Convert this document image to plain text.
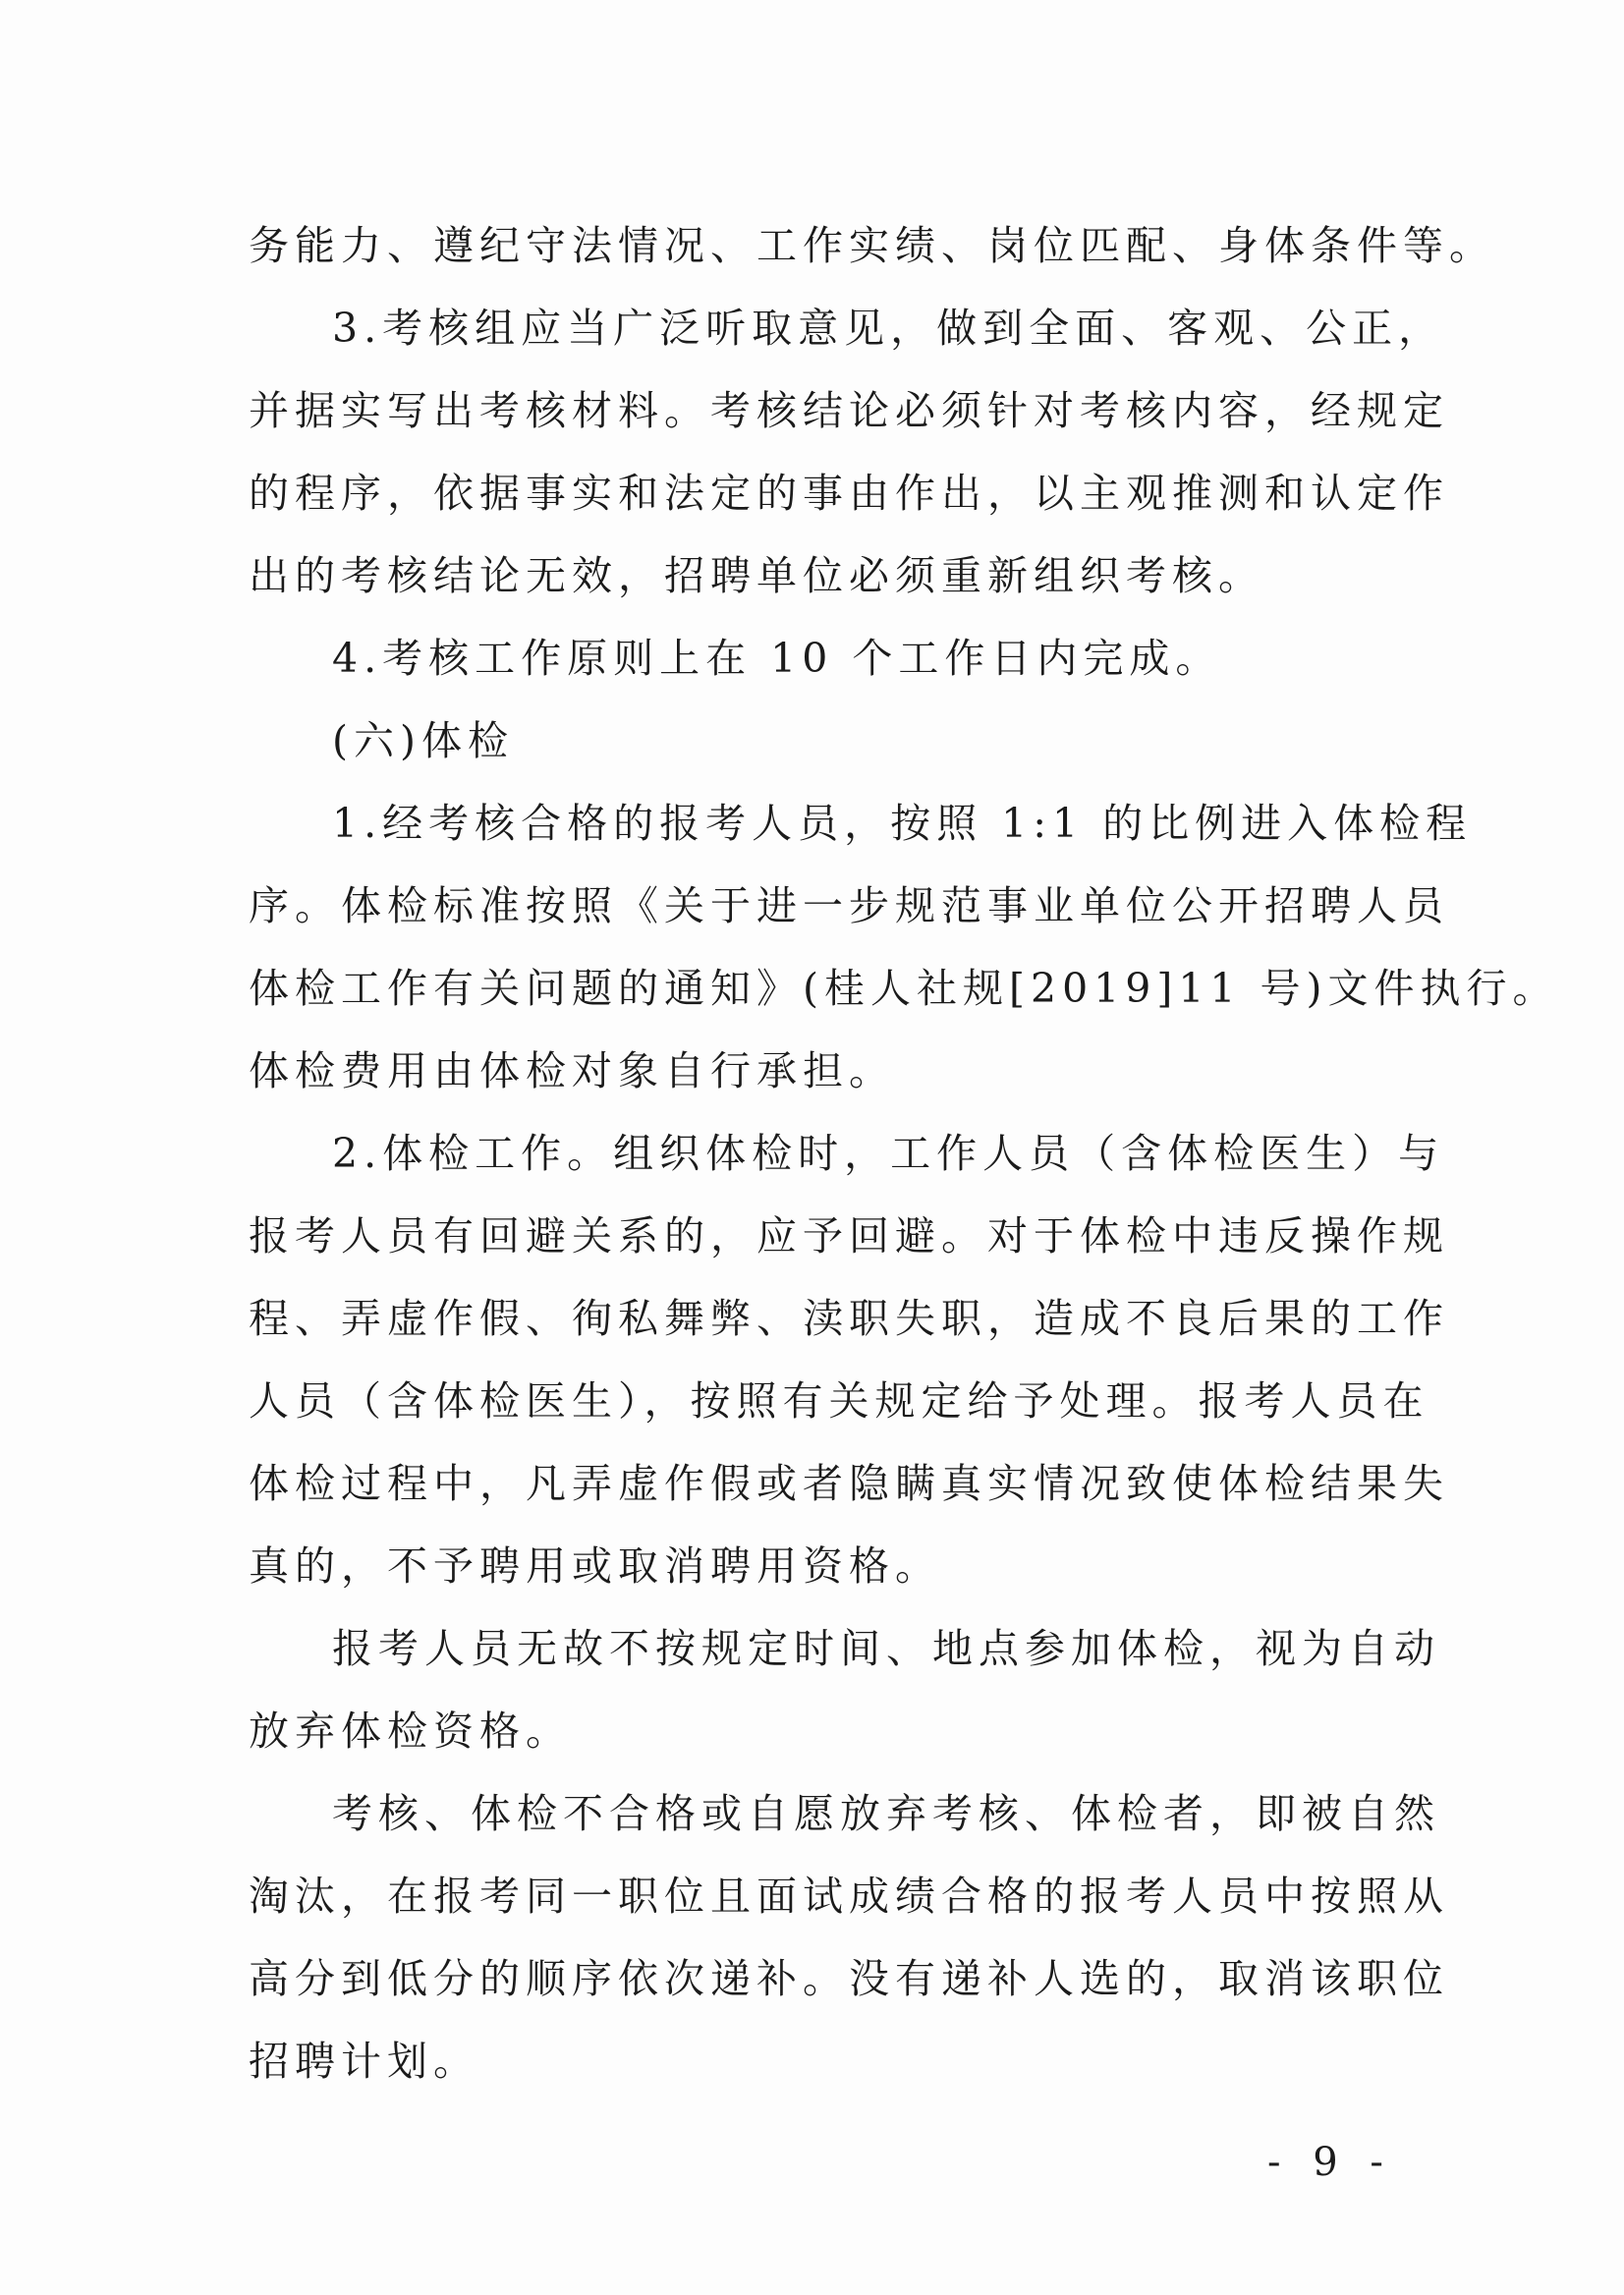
务能力、遵纪守法情况、工作实绩、岗位匹配、身体条件等。

3.考核组应当广泛听取意见，做到全面、客观、公正，
并据实写出考核材料。考核结论必须针对考核内容，经规定
的程序，依据事实和法定的事由作出，以主观推测和认定作
出的考核结论无效，招聘单位必须重新组织考核。

4.考核工作原则上在 10 个工作日内完成。

(六)体检

1.经考核合格的报考人员，按照 1:1 的比例进入体检程
序。体检标准按照《关于进一步规范事业单位公开招聘人员
体检工作有关问题的通知》(桂人社规[2019]11 号)文件执行。
体检费用由体检对象自行承担。

2.体检工作。组织体检时，工作人员（含体检医生）与
报考人员有回避关系的，应予回避。对于体检中违反操作规
程、弄虚作假、徇私舞弊、渎职失职，造成不良后果的工作
人员（含体检医生），按照有关规定给予处理。报考人员在
体检过程中，凡弄虚作假或者隐瞒真实情况致使体检结果失
真的，不予聘用或取消聘用资格。

报考人员无故不按规定时间、地点参加体检，视为自动
放弃体检资格。

考核、体检不合格或自愿放弃考核、体检者，即被自然
淘汰，在报考同一职位且面试成绩合格的报考人员中按照从
高分到低分的顺序依次递补。没有递补人选的，取消该职位
招聘计划。

- 9 -
